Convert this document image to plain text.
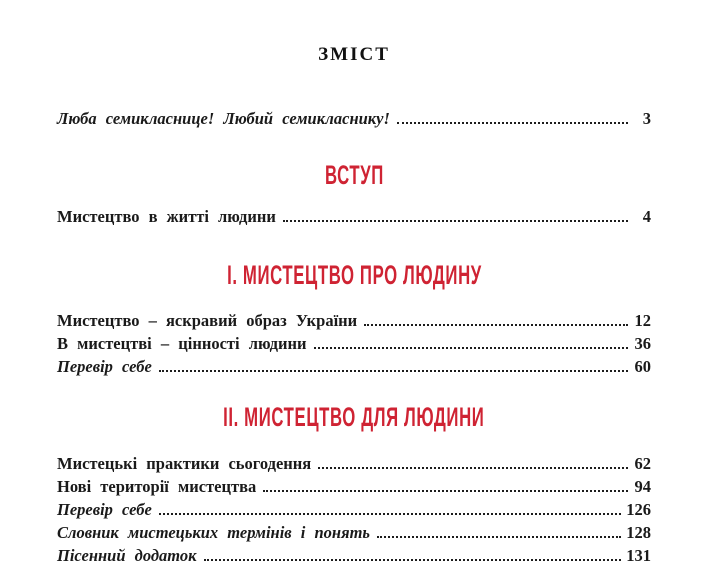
ЗМІСТ
Люба семикласнице! Любий семикласнику!	3
ВСТУП
Мистецтво в житті людини	4
І. МИСТЕЦТВО ПРО ЛЮДИНУ
Мистецтво – яскравий образ України	12
В мистецтві – цінності людини	36
Перевір себе	60
ІІ. МИСТЕЦТВО ДЛЯ ЛЮДИНИ
Мистецькі практики сьогодення	62
Нові території мистецтва	94
Перевір себе	126
Словник мистецьких термінів і понять	128
Пісенний додаток	131
